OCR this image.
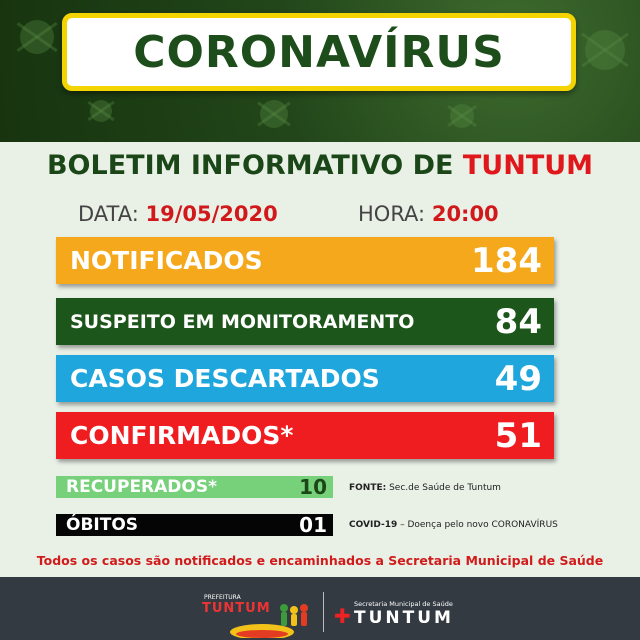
CORONAVÍRUS
BOLETIM INFORMATIVO DE TUNTUM
DATA: 19/05/2020	HORA: 20:00
NOTIFICADOS	184
SUSPEITO EM MONITORAMENTO 84
CASOS DESCARTADOS	49
CONFIRMADOS*	51
RECUPERADOS*	10 FONTE: Sec.de Saúde de Tuntum
ÓBITOS	01 COVID-19 – Doença pelo novo CORONAVÍRUS
Todos os casos são notificados e encaminhados a Secretaria Municipal de Saúde
PREFEITURA
TUNTUM	✚ Secretaria Municipal de Saúde
TUNTUM
